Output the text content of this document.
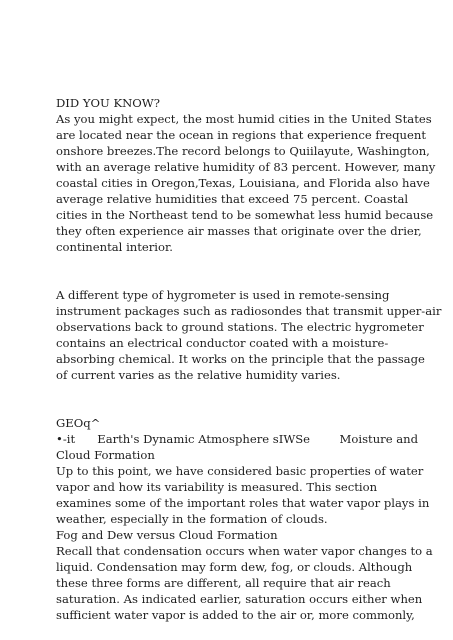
DID YOU KNOW?

As you might expect, the most humid cities in the United States

are located near the ocean in regions that experience frequent

onshore breezes.The record belongs to Quiilayute, Washington,

with an average relative humidity of 83 percent. However, many

coastal cities in Oregon,Texas, Louisiana, and Florida also have

average relative humidities that exceed 75 percent. Coastal

cities in the Northeast tend to be somewhat less humid because

they often experience air masses that originate over the drier,

continental interior.

A different type of hygrometer is used in remote-sensing

instrument packages such as radiosondes that transmit upper-air

observations back to ground stations. The electric hygrometer

contains an electrical conductor coated with a moisture-

absorbing chemical. It works on the principle that the passage

of current varies as the relative humidity varies.

GEOq^

•-it      Earth's Dynamic Atmosphere sIWSe        Moisture and

Cloud Formation

Up to this point, we have considered basic properties of water

vapor and how its variability is measured. This section

examines some of the important roles that water vapor plays in

weather, especially in the formation of clouds.

Fog and Dew versus Cloud Formation

Recall that condensation occurs when water vapor changes to a

liquid. Condensation may form dew, fog, or clouds. Although

these three forms are different, all require that air reach

saturation. As indicated earlier, saturation occurs either when

sufficient water vapor is added to the air or, more commonly,
